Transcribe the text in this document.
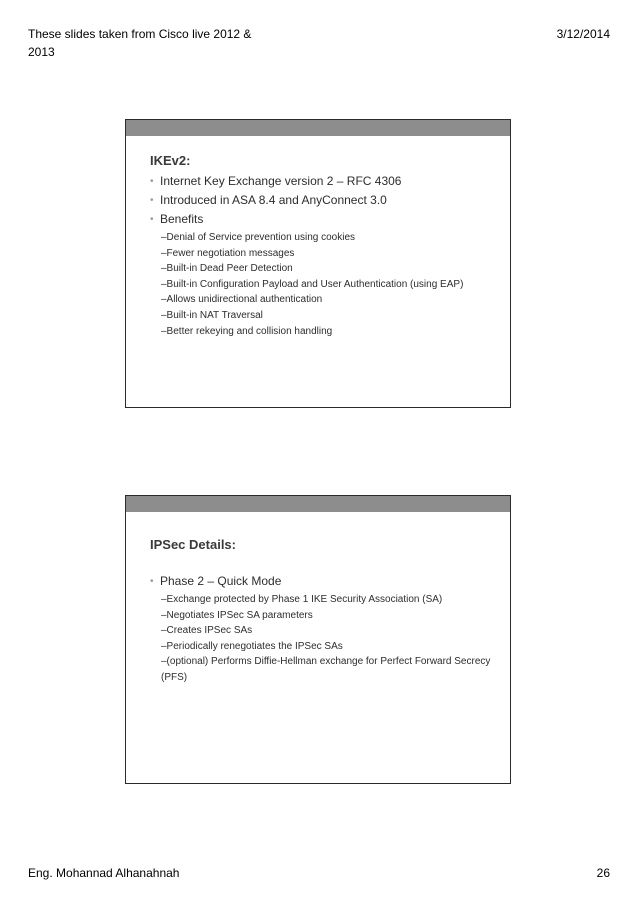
These slides taken from Cisco live 2012 & 2013
3/12/2014
IKEv2:
• Internet Key Exchange version 2 – RFC 4306
• Introduced in ASA 8.4 and AnyConnect 3.0
• Benefits
–Denial of Service prevention using cookies
–Fewer negotiation messages
–Built-in Dead Peer Detection
–Built-in Configuration Payload and User Authentication (using EAP)
–Allows unidirectional authentication
–Built-in NAT Traversal
–Better rekeying and collision handling
IPSec Details:
• Phase 2 – Quick Mode
–Exchange protected by Phase 1 IKE Security Association (SA)
–Negotiates IPSec SA parameters
–Creates IPSec SAs
–Periodically renegotiates the IPSec SAs
–(optional) Performs Diffie-Hellman exchange for Perfect Forward Secrecy (PFS)
Eng. Mohannad Alhanahnah	26
